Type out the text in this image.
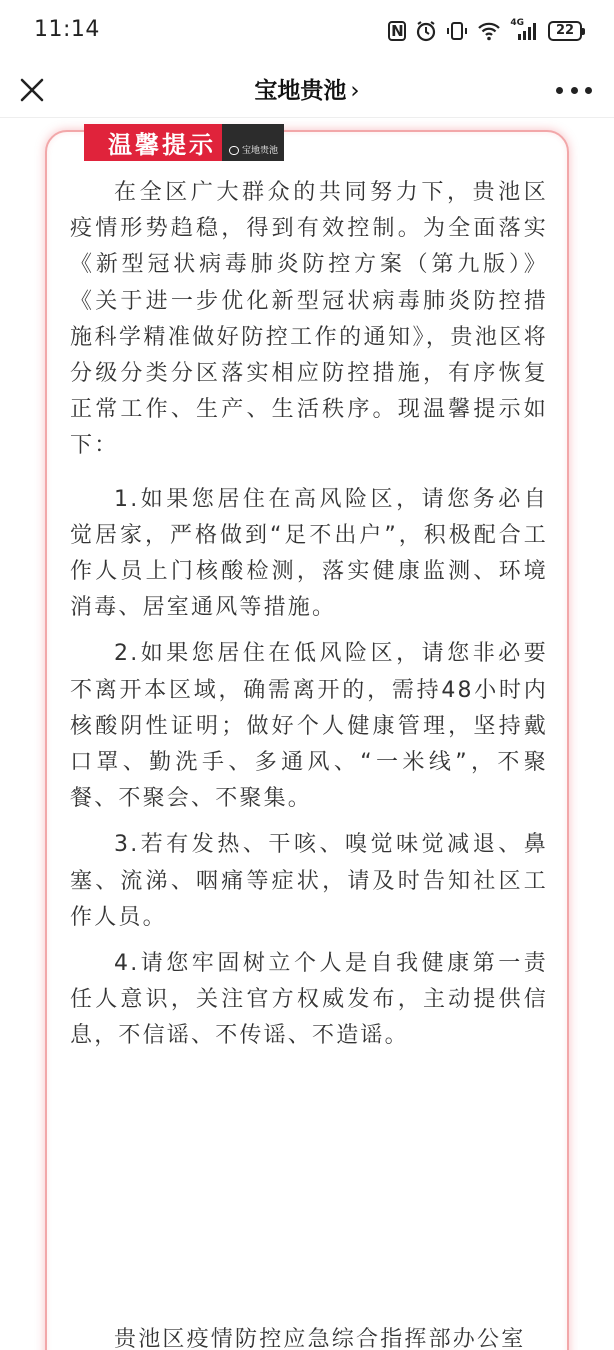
11:14	N	4G	22
宝地贵池 ›
温馨提示	宝地贵池

在全区广大群众的共同努力下，贵池区疫情形势趋稳，得到有效控制。为全面落实《新型冠状病毒肺炎防控方案（第九版）》《关于进一步优化新型冠状病毒肺炎防控措施科学精准做好防控工作的通知》，贵池区将分级分类分区落实相应防控措施，有序恢复正常工作、生产、生活秩序。现温馨提示如下：

1.如果您居住在高风险区，请您务必自觉居家，严格做到“足不出户”，积极配合工作人员上门核酸检测，落实健康监测、环境消毒、居室通风等措施。

2.如果您居住在低风险区，请您非必要不离开本区域，确需离开的，需持48小时内核酸阴性证明；做好个人健康管理，坚持戴口罩、勤洗手、多通风、“一米线”，不聚餐、不聚会、不聚集。

3.若有发热、干咳、嗅觉味觉减退、鼻塞、流涕、咽痛等症状，请及时告知社区工作人员。

4.请您牢固树立个人是自我健康第一责任人意识，关注官方权威发布，主动提供信息，不信谣、不传谣、不造谣。

贵池区疫情防控应急综合指挥部办公室
